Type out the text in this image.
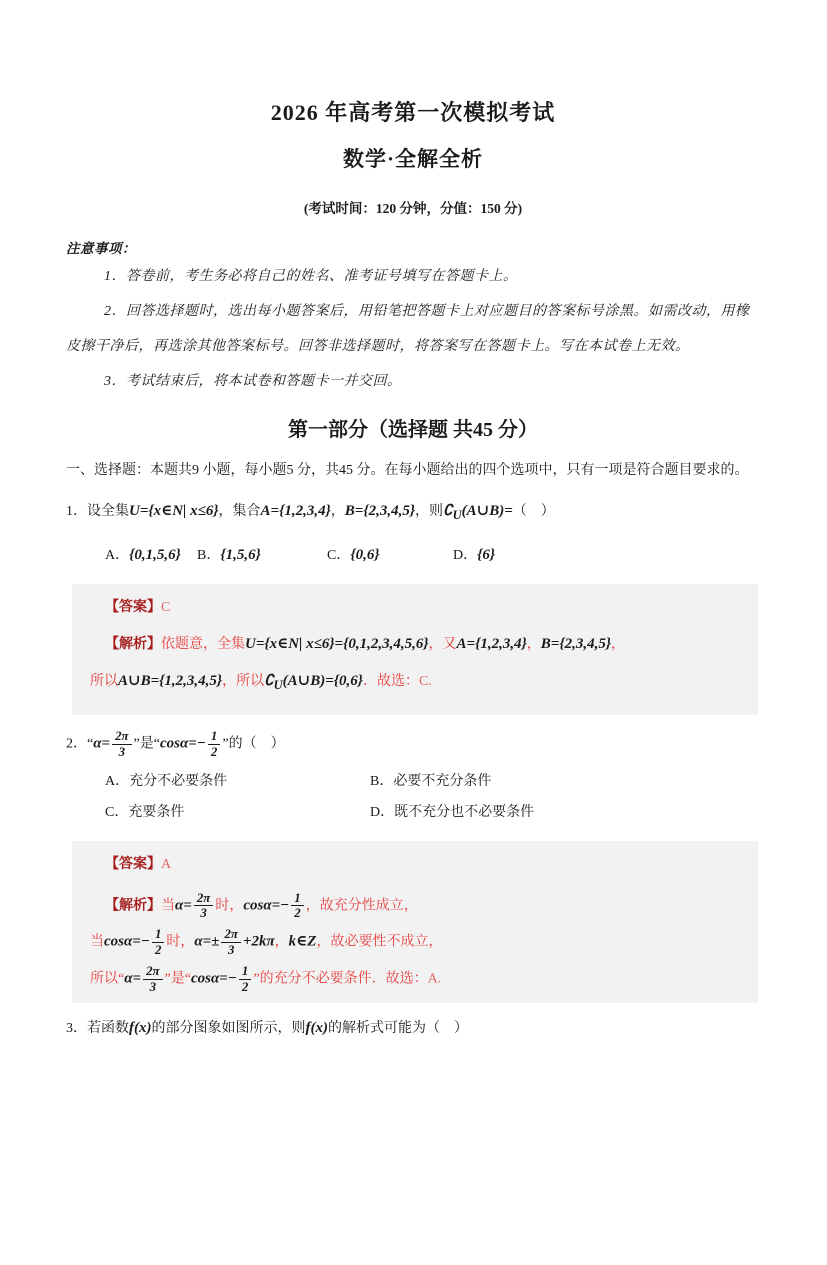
2026 年高考第一次模拟考试
数学·全解全析
(考试时间：120 分钟，分值：150 分)
注意事项：

1．答卷前，考生务必将自己的姓名、准考证号填写在答题卡上。

2．回答选择题时，选出每小题答案后，用铅笔把答题卡上对应题目的答案标号涂黑。如需改动，用橡皮擦干净后，再选涂其他答案标号。回答非选择题时，将答案写在答题卡上。写在本试卷上无效。

3．考试结束后，将本试卷和答题卡一并交回。

第一部分（选择题 共45 分）

一、选择题：本题共9 小题，每小题5 分，共45 分。在每小题给出的四个选项中，只有一项是符合题目要求的。

1．设全集U={x∈N| x≤6}，集合A={1,2,3,4}，B={2,3,4,5}，则$∁_U(A\cup B)=$（　）

A．{0,1,5,6} B．{1,5,6}	C．{0,6}	D．{6}

【答案】C

【解析】依题意，全集U={x∈N| x≤6}={0,1,2,3,4,5,6}，又A={1,2,3,4}，B={2,3,4,5}，

所以A∪B={1,2,3,4,5}，所以$∁_U(A\cup B)=\{0,6\}$．故选：C.

2．“$\alpha= \frac{2\pi}{3}$ ”是“$\cos\alpha=- \frac{1}{2}$ ”的（　）

A．充分不必要条件	B．必要不充分条件
C．充要条件	D．既不充分也不必要条件

【答案】A

【解析】当$\alpha= \frac{2\pi}{3}$ 时，$\cos\alpha=- \frac{1}{2}$ ，故充分性成立，

当$\cos\alpha=- \frac{1}{2}$ 时，$\alpha=\pm \frac{2\pi}{3} +2k\pi$，k∈Z，故必要性不成立，

所以“$\alpha= \frac{2\pi}{3}$ ”是“$\cos\alpha=- \frac{1}{2}$ ”的充分不必要条件．故选：A.

3．若函数f(x)的部分图象如图所示，则f(x)的解析式可能为（　）
